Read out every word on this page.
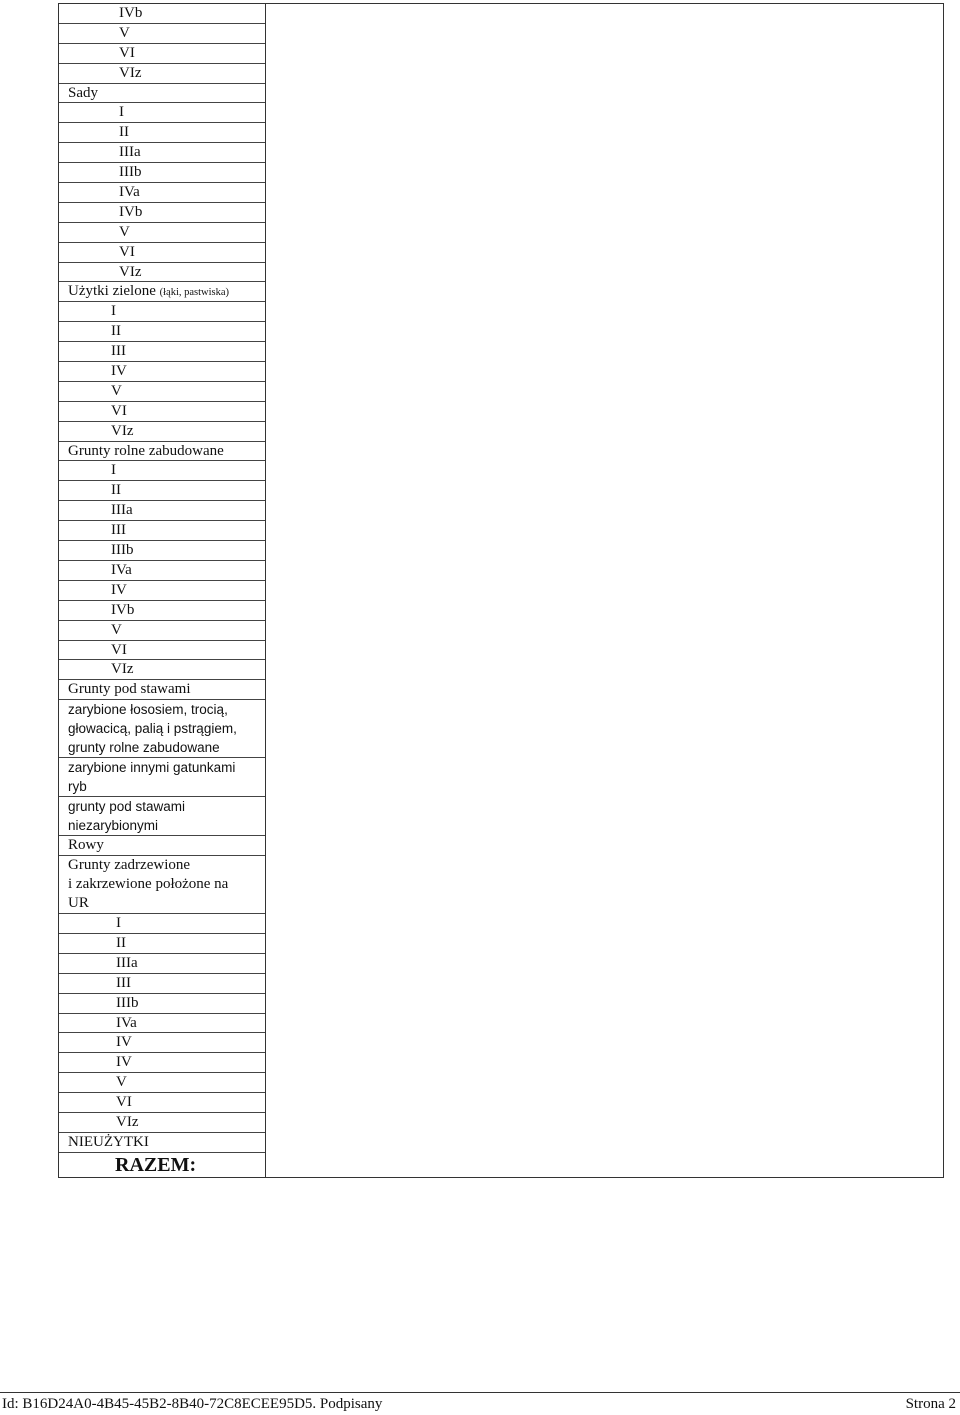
IVb
V
VI
VIz
Sady
I
II
IIIa
IIIb
IVa
IVb
V
VI
VIz
Użytki zielone (łąki, pastwiska)
I
II
III
IV
V
VI
VIz
Grunty rolne zabudowane
I
II
IIIa
III
IIIb
IVa
IV
IVb
V
VI
VIz
Grunty pod stawami
zarybione łososiem, trocią,
głowacicą, palią i pstrągiem,
grunty rolne zabudowane
zarybione innymi gatunkami
ryb
grunty pod stawami
niezarybionymi
Rowy
Grunty zadrzewione
i zakrzewione położone na
UR
I
II
IIIa
III
IIIb
IVa
IV
IV
V
VI
VIz
NIEUŻYTKI
RAZEM:
Id: B16D24A0-4B45-45B2-8B40-72C8ECEE95D5. Podpisany	Strona 2
